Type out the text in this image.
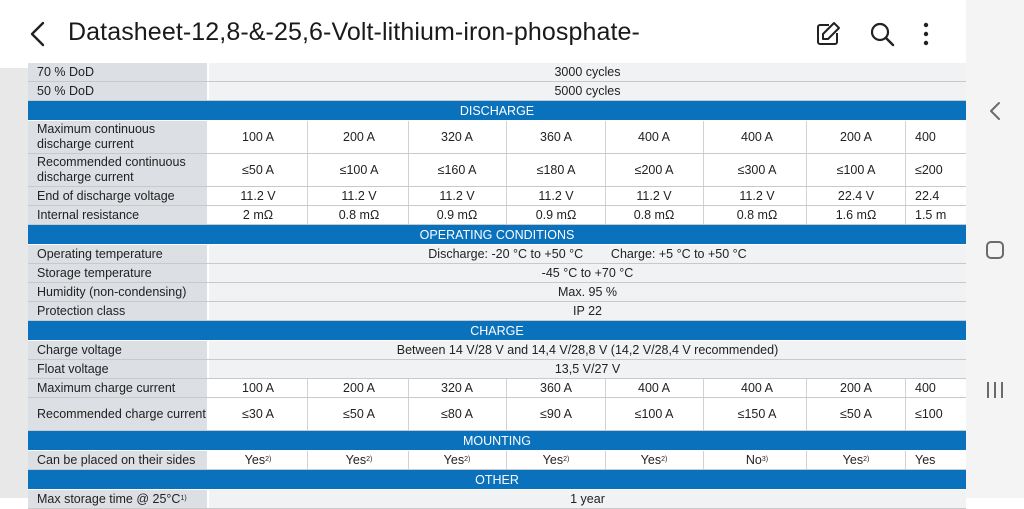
Datasheet-12,8-&-25,6-Volt-lithium-iron-phosphate-
70 % DoD	3000 cycles
50 % DoD	5000 cycles
DISCHARGE
Maximum continuous discharge current	100 A	200 A	320 A	360 A	400 A	400 A	200 A	400
Recommended continuous discharge current	≤50 A	≤100 A	≤160 A	≤180 A	≤200 A	≤300 A	≤100 A	≤200
End of discharge voltage	11.2 V	11.2 V	11.2 V	11.2 V	11.2 V	11.2 V	22.4 V	22.4
Internal resistance	2 mΩ	0.8 mΩ	0.9 mΩ	0.9 mΩ	0.8 mΩ	0.8 mΩ	1.6 mΩ	1.5 m
OPERATING CONDITIONS
Operating temperature	Discharge: -20 °C to +50 °C        Charge: +5 °C to +50 °C
Storage temperature	-45 °C to +70 °C
Humidity (non-condensing)	Max. 95 %
Protection class	IP 22
CHARGE
Charge voltage	Between 14 V/28 V and 14,4 V/28,8 V (14,2 V/28,4 V recommended)
Float voltage	13,5 V/27 V
Maximum charge current	100 A	200 A	320 A	360 A	400 A	400 A	200 A	400
Recommended charge current	≤30 A	≤50 A	≤80 A	≤90 A	≤100 A	≤150 A	≤50 A	≤100
MOUNTING
Can be placed on their sides	Yes 2)	Yes 2)	Yes 2)	Yes 2)	Yes 2)	No 3)	Yes 2)	Yes
OTHER
Max storage time @ 25°C 1)	1 year
